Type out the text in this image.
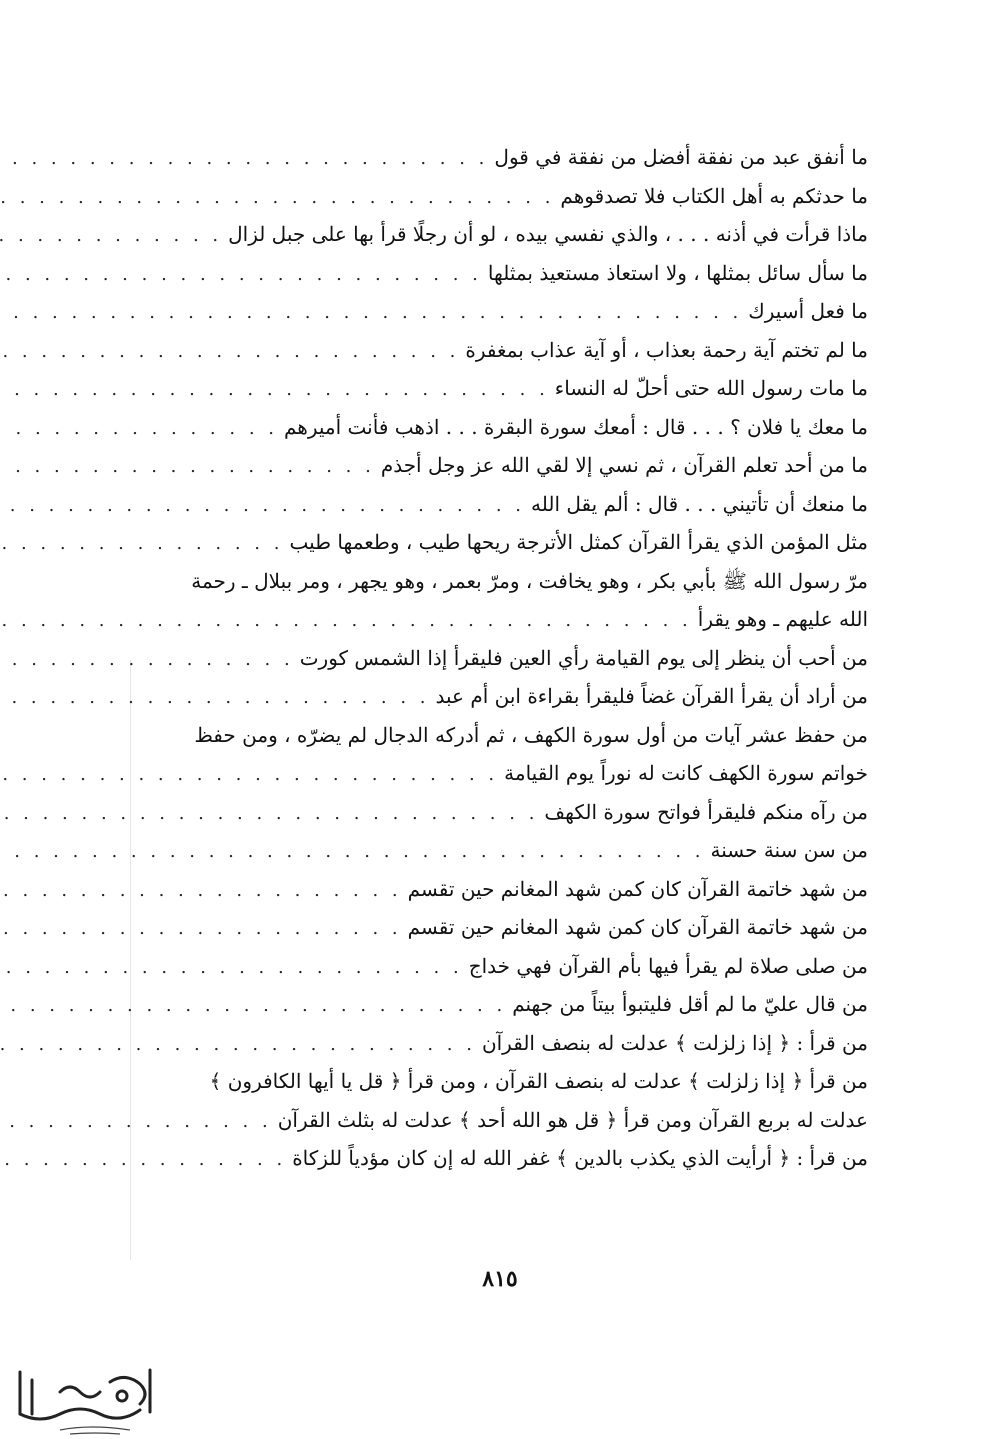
ما أنفق عبد من نفقة أفضل من نفقة في قول
. . .
ما حدثكم به أهل الكتاب فلا تصدقوهم
. . .
ماذا قرأت في أذنه . . . ، والذي نفسي بيده ، لو أن رجلًا قرأ بها على جبل لزال
. . .
ما سأل سائل بمثلها ، ولا استعاذ مستعيذ بمثلها
. . .
ما فعل أسيرك
. . .
ما لم تختم آية رحمة بعذاب ، أو آية عذاب بمغفرة
. . .
ما مات رسول الله حتى أحلّ له النساء
. . .
ما معك يا فلان ؟ . . . قال : أمعك سورة البقرة . . . اذهب فأنت أميرهم
. . .
ما من أحد تعلم القرآن ، ثم نسي إلا لقي الله عز وجل أجذم
. . .
ما منعك أن تأتيني . . . قال : ألم يقل الله
. . .
مثل المؤمن الذي يقرأ القرآن كمثل الأترجة ريحها طيب ، وطعمها طيب
. . .
مرّ رسول الله ﷺ بأبي بكر ، وهو يخافت ، ومرّ بعمر ، وهو يجهر ، ومر ببلال ـ رحمة
الله عليهم ـ وهو يقرأ
. . .
من أحب أن ينظر إلى يوم القيامة رأي العين فليقرأ إذا الشمس كورت
. . .
من أراد أن يقرأ القرآن غضاً فليقرأ بقراءة ابن أم عبد
. . .
من حفظ عشر آيات من أول سورة الكهف ، ثم أدركه الدجال لم يضرّه ، ومن حفظ
خواتم سورة الكهف كانت له نوراً يوم القيامة
. . .
من رآه منكم فليقرأ فواتح سورة الكهف
. . .
من سن سنة حسنة
. . .
من شهد خاتمة القرآن كان كمن شهد المغانم حين تقسم
. . .
من شهد خاتمة القرآن كان كمن شهد المغانم حين تقسم
. . .
من صلى صلاة لم يقرأ فيها بأم القرآن فهي خداج
. . .
من قال عليّ ما لم أقل فليتبوأ بيتاً من جهنم
. . .
من قرأ : ﴿ إذا زلزلت ﴾ عدلت له بنصف القرآن
. . .
من قرأ ﴿ إذا زلزلت ﴾ عدلت له بنصف القرآن ، ومن قرأ ﴿ قل يا أيها الكافرون ﴾
عدلت له بربع القرآن ومن قرأ ﴿ قل هو الله أحد ﴾ عدلت له بثلث القرآن
. . .
من قرأ : ﴿ أرأيت الذي يكذب بالدين ﴾ غفر الله له إن كان مؤدياً للزكاة
. . .
٨١٥
